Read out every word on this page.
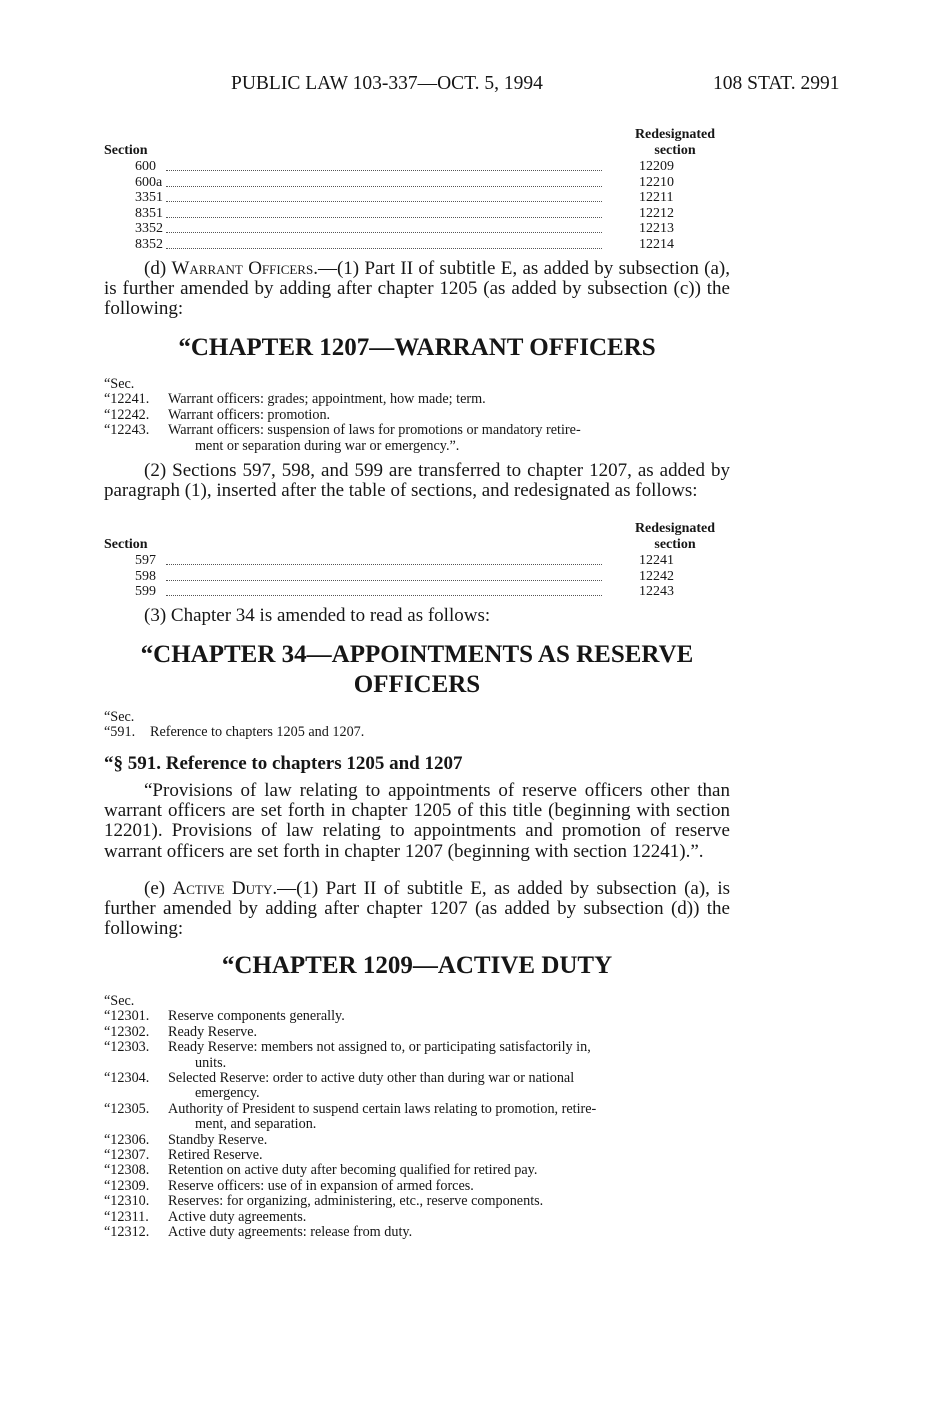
PUBLIC LAW 103-337—OCT. 5, 1994	108 STAT. 2991
Section
Redesignated
section
600	12209
600a	12210
3351	12211
8351	12212
3352	12213
8352	12214

(d) Warrant Officers.—(1) Part II of subtitle E, as added by subsection (a), is further amended by adding after chapter 1205 (as added by subsection (c)) the following:

“CHAPTER 1207—WARRANT OFFICERS

“Sec.
“12241. Warrant officers: grades; appointment, how made; term.
“12242. Warrant officers: promotion.
“12243. Warrant officers: suspension of laws for promotions or mandatory retire-
ment or separation during war or emergency.”.

(2) Sections 597, 598, and 599 are transferred to chapter 1207, as added by paragraph (1), inserted after the table of sections, and redesignated as follows:

Section
Redesignated
section
597	12241
598	12242
599	12243

(3) Chapter 34 is amended to read as follows:

“CHAPTER 34—APPOINTMENTS AS RESERVE
OFFICERS
“Sec.
“591. Reference to chapters 1205 and 1207.
“§ 591. Reference to chapters 1205 and 1207

“Provisions of law relating to appointments of reserve officers other than warrant officers are set forth in chapter 1205 of this title (beginning with section 12201). Provisions of law relating to appointments and promotion of reserve warrant officers are set forth in chapter 1207 (beginning with section 12241).”.

(e) Active Duty.—(1) Part II of subtitle E, as added by subsection (a), is further amended by adding after chapter 1207 (as added by subsection (d)) the following:

“CHAPTER 1209—ACTIVE DUTY

“Sec.
“12301. Reserve components generally.
“12302. Ready Reserve.
“12303. Ready Reserve: members not assigned to, or participating satisfactorily in,
units.
“12304. Selected Reserve: order to active duty other than during war or national
emergency.
“12305. Authority of President to suspend certain laws relating to promotion, retire-
ment, and separation.
“12306. Standby Reserve.
“12307. Retired Reserve.
“12308. Retention on active duty after becoming qualified for retired pay.
“12309. Reserve officers: use of in expansion of armed forces.
“12310. Reserves: for organizing, administering, etc., reserve components.
“12311. Active duty agreements.
“12312. Active duty agreements: release from duty.
